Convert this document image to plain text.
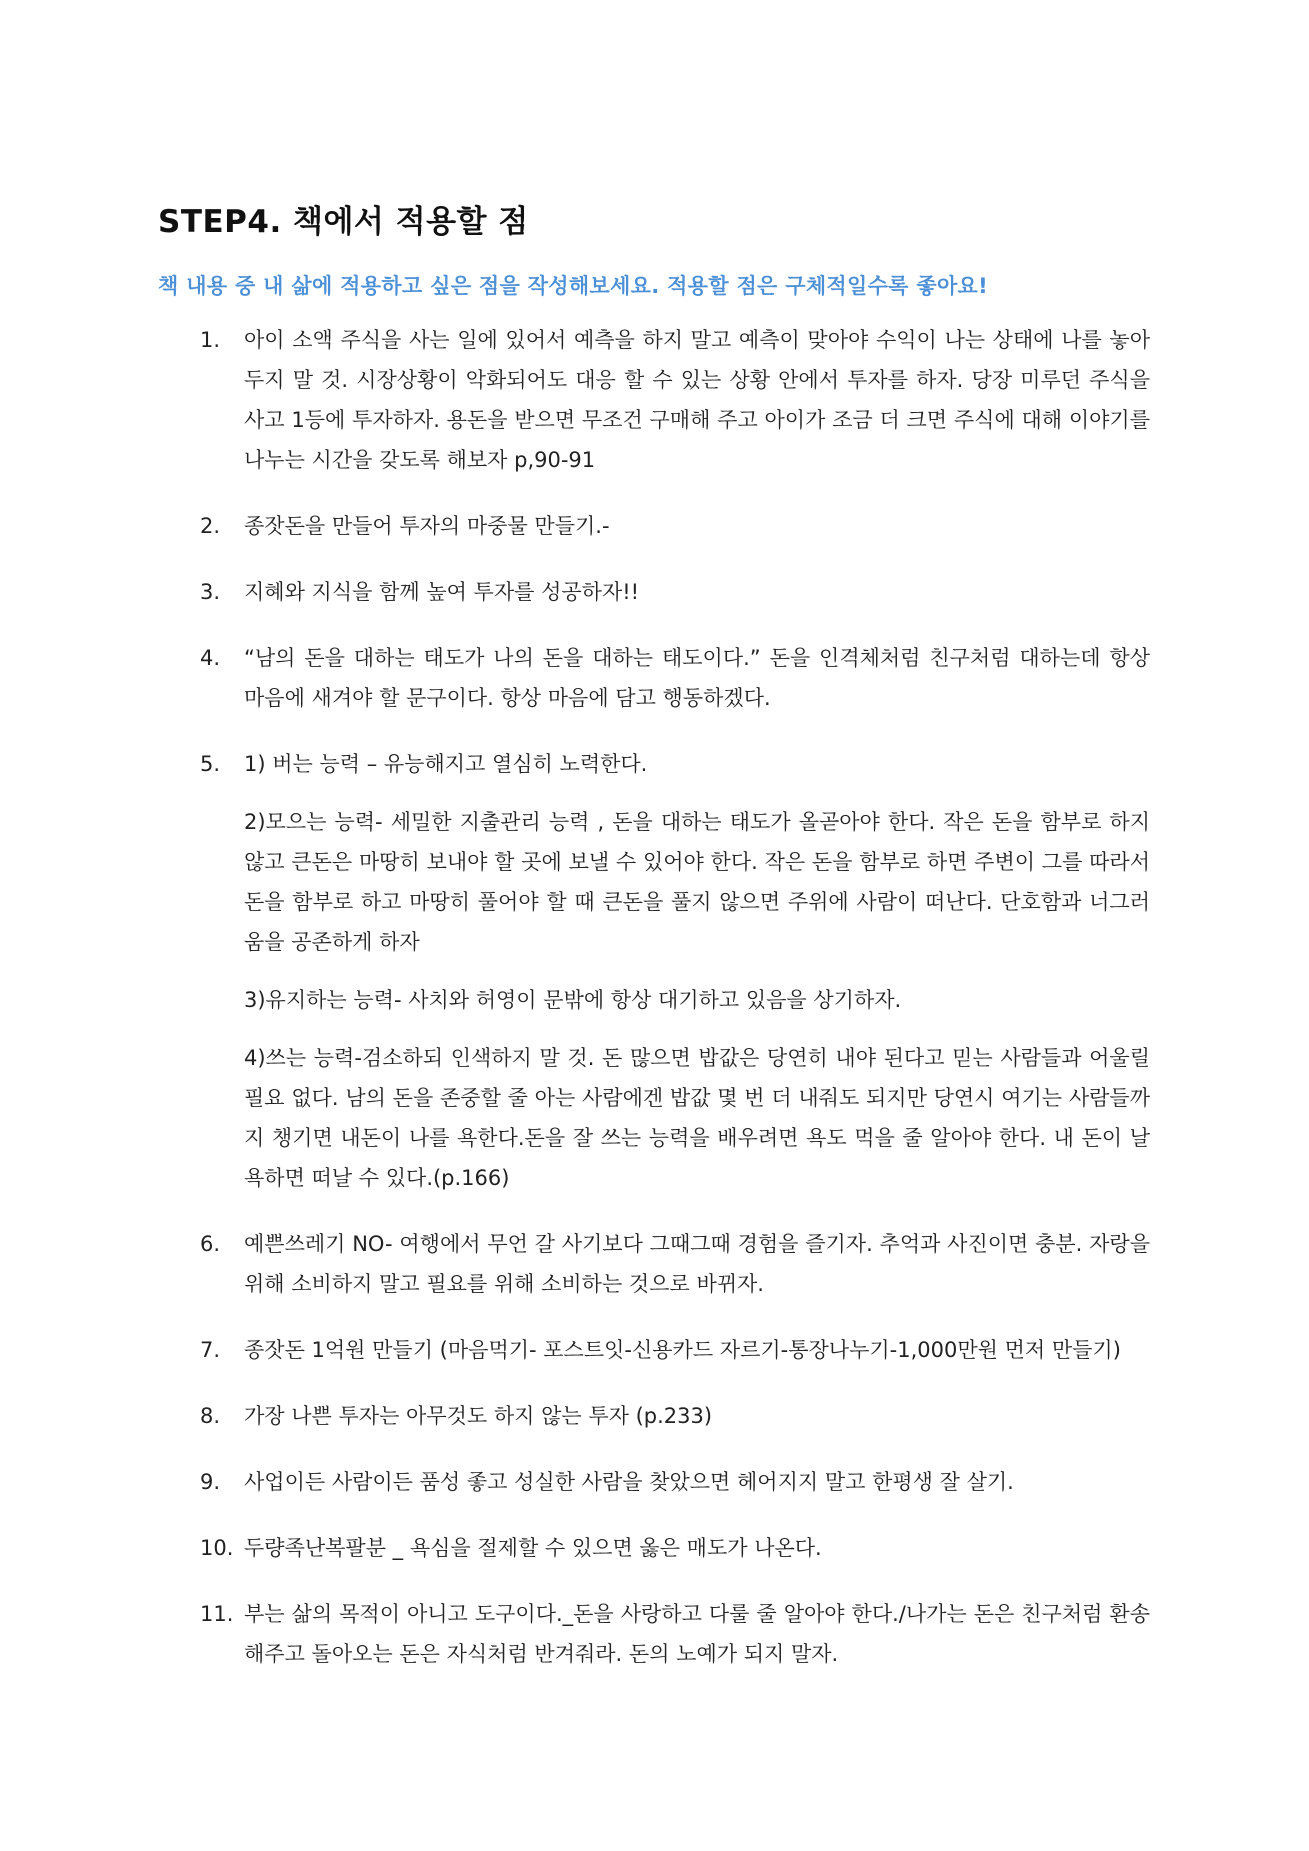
STEP4. 책에서 적용할 점

책 내용 중 내 삶에 적용하고 싶은 점을 작성해보세요. 적용할 점은 구체적일수록 좋아요!

1. 아이 소액 주식을 사는 일에 있어서 예측을 하지 말고 예측이 맞아야 수익이 나는 상태에 나를 놓아두지 말 것. 시장상황이 악화되어도 대응 할 수 있는 상황 안에서 투자를 하자. 당장 미루던 주식을 사고 1등에 투자하자. 용돈을 받으면 무조건 구매해 주고 아이가 조금 더 크면 주식에 대해 이야기를 나누는 시간을 갖도록 해보자 p,90-91
2. 종잣돈을 만들어 투자의 마중물 만들기.-
3. 지혜와 지식을 함께 높여 투자를 성공하자!!
4. “남의 돈을 대하는 태도가 나의 돈을 대하는 태도이다.” 돈을 인격체처럼 친구처럼 대하는데 항상 마음에 새겨야 할 문구이다. 항상 마음에 담고 행동하겠다.
5. 1) 버는 능력 – 유능해지고 열심히 노력한다.
2)모으는 능력- 세밀한 지출관리 능력 , 돈을 대하는 태도가 올곧아야 한다. 작은 돈을 함부로 하지 않고 큰돈은 마땅히 보내야 할 곳에 보낼 수 있어야 한다. 작은 돈을 함부로 하면 주변이 그를 따라서 돈을 함부로 하고 마땅히 풀어야 할 때 큰돈을 풀지 않으면 주위에 사람이 떠난다. 단호함과 너그러움을 공존하게 하자
3)유지하는 능력- 사치와 허영이 문밖에 항상 대기하고 있음을 상기하자.
4)쓰는 능력-검소하되 인색하지 말 것. 돈 많으면 밥값은 당연히 내야 된다고 믿는 사람들과 어울릴 필요 없다. 남의 돈을 존중할 줄 아는 사람에겐 밥값 몇 번 더 내줘도 되지만 당연시 여기는 사람들까지 챙기면 내돈이 나를 욕한다.돈을 잘 쓰는 능력을 배우려면 욕도 먹을 줄 알아야 한다. 내 돈이 날 욕하면 떠날 수 있다.(p.166)
6. 예쁜쓰레기 NO- 여행에서 무언 갈 사기보다 그때그때 경험을 즐기자. 추억과 사진이면 충분. 자랑을 위해 소비하지 말고 필요를 위해 소비하는 것으로 바뀌자.
7. 종잣돈 1억원 만들기 (마음먹기- 포스트잇-신용카드 자르기-통장나누기-1,000만원 먼저 만들기)
8. 가장 나쁜 투자는 아무것도 하지 않는 투자 (p.233)
9. 사업이든 사람이든 품성 좋고 성실한 사람을 찾았으면 헤어지지 말고 한평생 잘 살기.
10. 두량족난복팔분 _ 욕심을 절제할 수 있으면 옳은 매도가 나온다.
11. 부는 삶의 목적이 아니고 도구이다._돈을 사랑하고 다룰 줄 알아야 한다./나가는 돈은 친구처럼 환송해주고 돌아오는 돈은 자식처럼 반겨줘라. 돈의 노예가 되지 말자.
